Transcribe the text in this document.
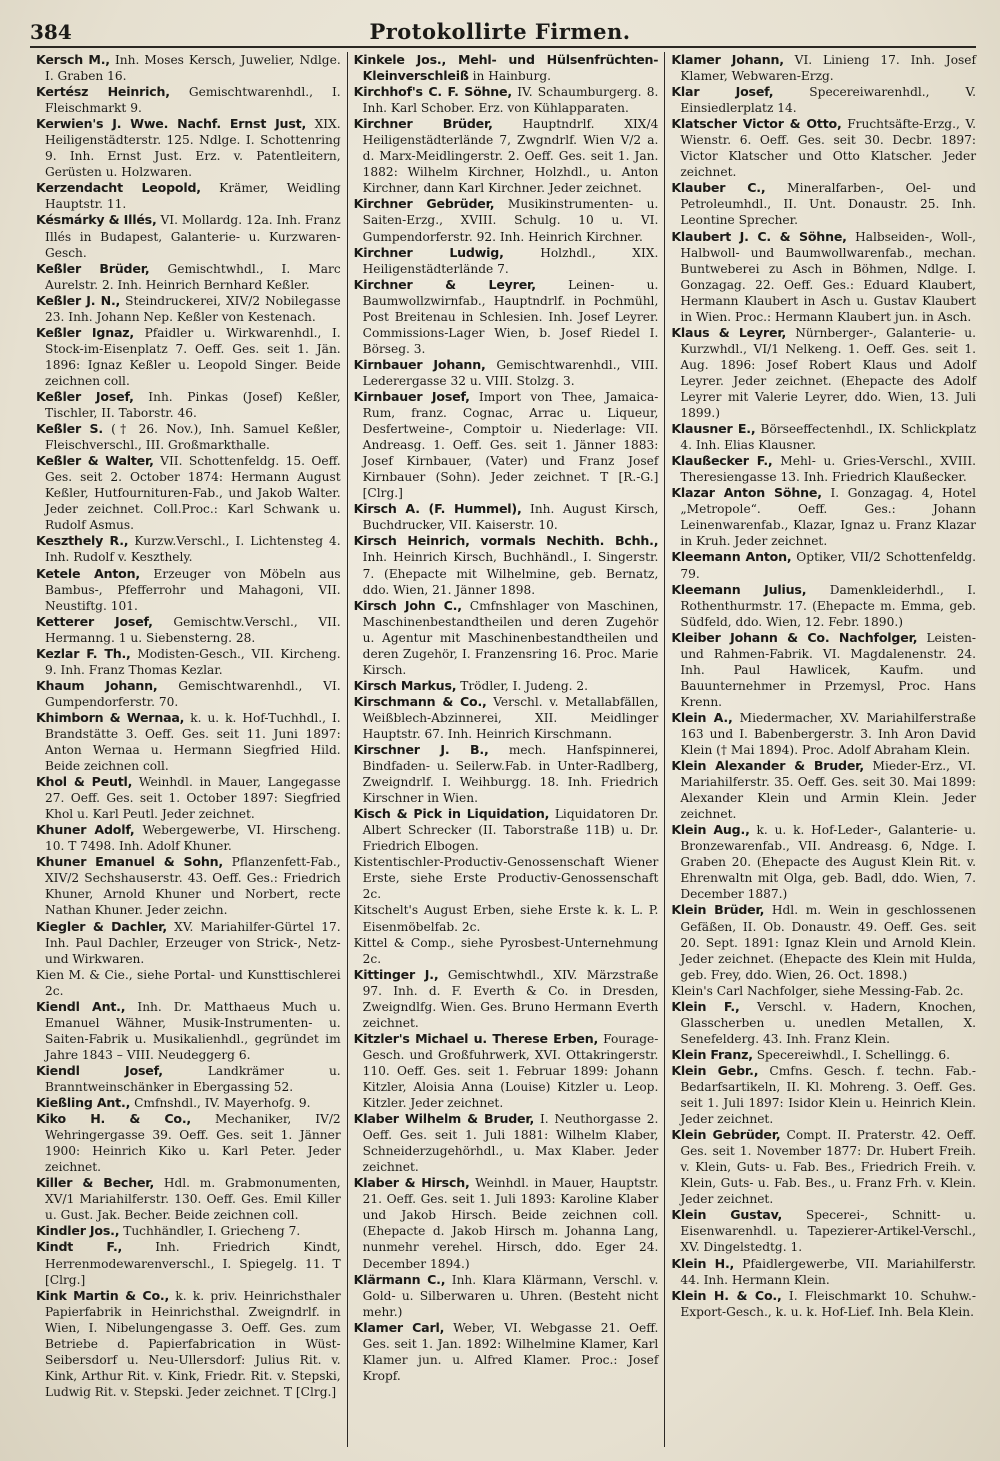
384	Protokollirte Firmen.

Kersch M., Inh. Moses Kersch, Juwelier, Ndlge. I. Graben 16.

Kertész Heinrich, Gemischtwarenhdl., I. Fleischmarkt 9.

Kerwien's J. Wwe. Nachf. Ernst Just, XIX. Heiligenstädterstr. 125. Ndlge. I. Schottenring 9. Inh. Ernst Just. Erz. v. Patentleitern, Gerüsten u. Holzwaren.

Kerzendacht Leopold, Krämer, Weidling Hauptstr. 11.

Késmárky & Illés, VI. Mollardg. 12a. Inh. Franz Illés in Budapest, Galanterie- u. Kurzwaren-Gesch.

Keßler Brüder, Gemischtwhdl., I. Marc Aurelstr. 2. Inh. Heinrich Bernhard Keßler.

Keßler J. N., Steindruckerei, XIV/2 Nobilegasse 23. Inh. Johann Nep. Keßler von Kestenach.

Keßler Ignaz, Pfaidler u. Wirkwarenhdl., I. Stock-im-Eisenplatz 7. Oeff. Ges. seit 1. Jän. 1896: Ignaz Keßler u. Leopold Singer. Beide zeichnen coll.

Keßler Josef, Inh. Pinkas (Josef) Keßler, Tischler, II. Taborstr. 46.

Keßler S. († 26. Nov.), Inh. Samuel Keßler, Fleischverschl., III. Großmarkthalle.

Keßler & Walter, VII. Schottenfeldg. 15. Oeff. Ges. seit 2. October 1874: Hermann August Keßler, Hutfournituren-Fab., und Jakob Walter. Jeder zeichnet. Coll.Proc.: Karl Schwank u. Rudolf Asmus.

Keszthely R., Kurzw.Verschl., I. Lichtensteg 4. Inh. Rudolf v. Keszthely.

Ketele Anton, Erzeuger von Möbeln aus Bambus-, Pfefferrohr und Mahagoni, VII. Neustiftg. 101.

Ketterer Josef, Gemischtw.Verschl., VII. Hermanng. 1 u. Siebensterng. 28.

Kezlar F. Th., Modisten-Gesch., VII. Kircheng. 9. Inh. Franz Thomas Kezlar.

Khaum Johann, Gemischtwarenhdl., VI. Gumpendorferstr. 70.

Khimborn & Wernaa, k. u. k. Hof-Tuchhdl., I. Brandstätte 3. Oeff. Ges. seit 11. Juni 1897: Anton Wernaa u. Hermann Siegfried Hild. Beide zeichnen coll.

Khol & Peutl, Weinhdl. in Mauer, Langegasse 27. Oeff. Ges. seit 1. October 1897: Siegfried Khol u. Karl Peutl. Jeder zeichnet.

Khuner Adolf, Webergewerbe, VI. Hirscheng. 10. T 7498. Inh. Adolf Khuner.

Khuner Emanuel & Sohn, Pflanzenfett-Fab., XIV/2 Sechshauserstr. 43. Oeff. Ges.: Friedrich Khuner, Arnold Khuner und Norbert, recte Nathan Khuner. Jeder zeichn.

Kiegler & Dachler, XV. Mariahilfer-Gürtel 17. Inh. Paul Dachler, Erzeuger von Strick-, Netz- und Wirkwaren.

Kien M. & Cie., siehe Portal- und Kunsttischlerei 2c.

Kiendl Ant., Inh. Dr. Matthaeus Much u. Emanuel Wähner, Musik-Instrumenten- u. Saiten-Fabrik u. Musikalienhdl., gegründet im Jahre 1843 – VIII. Neudeggerg 6.

Kiendl Josef,	Landkrämer u. Branntweinschänker in Ebergassing 52.

Kießling Ant., Cmfnshdl., IV. Mayerhofg. 9.

Kiko H. & Co., Mechaniker, IV/2 Wehringergasse 39. Oeff. Ges. seit 1. Jänner 1900: Heinrich Kiko u. Karl Peter. Jeder zeichnet.

Killer & Becher, Hdl. m. Grabmonumenten, XV/1 Mariahilferstr. 130. Oeff. Ges. Emil Killer u. Gust. Jak. Becher. Beide zeichnen coll.

Kindler Jos., Tuchhändler, I. Griecheng 7.

Kindt F.,	Inh. Friedrich Kindt, Herrenmodewarenverschl., I. Spiegelg. 11. T [Clrg.]

Kink Martin & Co., k. k. priv. Heinrichsthaler Papierfabrik in Heinrichsthal. Zweigndrlf. in Wien, I. Nibelungengasse 3. Oeff. Ges. zum Betriebe d. Papierfabrication in Wüst-Seibersdorf u. Neu-Ullersdorf: Julius Rit. v. Kink, Arthur Rit. v. Kink, Friedr. Rit. v. Stepski, Ludwig Rit. v. Stepski. Jeder zeichnet. T [Clrg.]

Kinkele Jos., Mehl- und Hülsenfrüchten-Kleinverschleiß in Hainburg.

Kirchhof's C. F. Söhne, IV. Schaumburgerg. 8. Inh. Karl Schober. Erz. von Kühlapparaten.

Kirchner Brüder, Hauptndrlf. XIX/4 Heiligenstädterlände 7, Zwgndrlf. Wien V/2 a. d. Marx-Meidlingerstr. 2. Oeff. Ges. seit 1. Jan. 1882: Wilhelm Kirchner, Holzhdl., u. Anton Kirchner, dann Karl Kirchner. Jeder zeichnet.

Kirchner Gebrüder, Musikinstrumenten- u. Saiten-Erzg., XVIII. Schulg. 10 u. VI. Gumpendorferstr. 92. Inh. Heinrich Kirchner.

Kirchner Ludwig,	Holzhdl., XIX. Heiligenstädterlände 7.

Kirchner & Leyrer,	Leinen- u. Baumwollzwirnfab., Hauptndrlf. in Pochmühl, Post Breitenau in Schlesien. Inh. Josef Leyrer. Commissions-Lager Wien, b. Josef Riedel I. Börseg. 3.

Kirnbauer Johann, Gemischtwarenhdl., VIII. Lederergasse 32 u. VIII. Stolzg. 3.

Kirnbauer Josef, Import von Thee, Jamaica-Rum, franz. Cognac, Arrac u. Liqueur, Desfertweine-, Comptoir u. Niederlage: VII. Andreasg. 1. Oeff. Ges. seit 1. Jänner 1883: Josef Kirnbauer, (Vater) und Franz Josef Kirnbauer (Sohn). Jeder zeichnet. T [R.-G.] [Clrg.]

Kirsch A. (F. Hummel), Inh. August Kirsch, Buchdrucker, VII. Kaiserstr. 10.

Kirsch Heinrich, vormals Nechith. Bchh., Inh. Heinrich Kirsch, Buchhändl., I. Singerstr. 7. (Ehepacte mit Wilhelmine, geb. Bernatz, ddo. Wien, 21. Jänner 1898.

Kirsch John C., Cmfnshlager von Maschinen, Maschinenbestandtheilen und deren Zugehör u. Agentur mit Maschinenbestandtheilen und deren Zugehör, I. Franzensring 16. Proc. Marie Kirsch.

Kirsch Markus, Trödler, I. Judeng. 2.

Kirschmann & Co., Verschl. v. Metallabfällen, Weißblech-Abzinnerei, XII. Meidlinger Hauptstr. 67. Inh. Heinrich Kirschmann.

Kirschner J. B., mech. Hanfspinnerei, Bindfaden- u. Seilerw.Fab. in Unter-Radlberg, Zweigndrlf. I. Weihburgg. 18. Inh. Friedrich Kirschner in Wien.

Kisch & Pick in Liquidation, Liquidatoren Dr. Albert Schrecker (II. Taborstraße 11B) u. Dr. Friedrich Elbogen.

Kistentischler-Productiv-Genossenschaft Wiener Erste, siehe Erste Productiv-Genossenschaft 2c.

Kitschelt's August Erben, siehe Erste k. k. L. P. Eisenmöbelfab. 2c.

Kittel & Comp., siehe Pyrosbest-Unternehmung 2c.

Kittinger J., Gemischtwhdl., XIV. Märzstraße 97. Inh. d. F. Everth & Co. in Dresden, Zweigndlfg. Wien. Ges. Bruno Hermann Everth zeichnet.

Kitzler's Michael u. Therese Erben, Fourage-Gesch. und Großfuhrwerk, XVI. Ottakringerstr. 110. Oeff. Ges. seit 1. Februar 1899: Johann Kitzler, Aloisia Anna (Louise) Kitzler u. Leop. Kitzler. Jeder zeichnet.

Klaber Wilhelm & Bruder, I. Neuthorgasse 2. Oeff. Ges. seit 1. Juli 1881: Wilhelm Klaber, Schneiderzugehörhdl., u. Max Klaber. Jeder zeichnet.

Klaber & Hirsch, Weinhdl. in Mauer, Hauptstr. 21. Oeff. Ges. seit 1. Juli 1893: Karoline Klaber und Jakob Hirsch. Beide zeichnen coll. (Ehepacte d. Jakob Hirsch m. Johanna Lang, nunmehr verehel. Hirsch, ddo. Eger 24. December 1894.)

Klärmann C., Inh. Klara Klärmann, Verschl. v. Gold- u. Silberwaren u. Uhren. (Besteht nicht mehr.)

Klamer Carl, Weber, VI. Webgasse 21. Oeff. Ges. seit 1. Jan. 1892: Wilhelmine Klamer, Karl Klamer jun. u. Alfred Klamer. Proc.: Josef Kropf.

Klamer Johann, VI. Linieng 17. Inh. Josef Klamer, Webwaren-Erzg.

Klar Josef,	Specereiwarenhdl., V. Einsiedlerplatz 14.

Klatscher Victor & Otto, Fruchtsäfte-Erzg., V. Wienstr. 6. Oeff. Ges. seit 30. Decbr. 1897: Victor Klatscher und Otto Klatscher. Jeder zeichnet.

Klauber C., Mineralfarben-, Oel- und Petroleumhdl., II. Unt. Donaustr. 25. Inh. Leontine Sprecher.

Klaubert J. C. & Söhne, Halbseiden-, Woll-, Halbwoll- und Baumwollwarenfab., mechan. Buntweberei zu Asch in Böhmen, Ndlge. I. Gonzagag. 22. Oeff. Ges.: Eduard Klaubert, Hermann Klaubert in Asch u. Gustav Klaubert in Wien. Proc.: Hermann Klaubert jun. in Asch.

Klaus & Leyrer, Nürnberger-, Galanterie- u. Kurzwhdl., VI/1 Nelkeng. 1. Oeff. Ges. seit 1. Aug. 1896: Josef Robert Klaus und Adolf Leyrer. Jeder zeichnet. (Ehepacte des Adolf Leyrer mit Valerie Leyrer, ddo. Wien, 13. Juli 1899.)

Klausner E., Börseeffectenhdl., IX. Schlickplatz 4. Inh. Elias Klausner.

Klaußecker F., Mehl- u. Gries-Verschl., XVIII. Theresiengasse 13. Inh. Friedrich Klaußecker.

Klazar Anton Söhne, I. Gonzagag. 4, Hotel „Metropole“. Oeff. Ges.: Johann Leinenwarenfab., Klazar, Ignaz u. Franz Klazar in Kruh. Jeder zeichnet.

Kleemann Anton, Optiker, VII/2 Schottenfeldg. 79.

Kleemann Julius, Damenkleiderhdl., I. Rothenthurmstr. 17. (Ehepacte m. Emma, geb. Südfeld, ddo. Wien, 12. Febr. 1890.)

Kleiber Johann & Co. Nachfolger, Leisten- und Rahmen-Fabrik. VI. Magdalenenstr. 24. Inh. Paul Hawlicek, Kaufm. und Bauunternehmer in Przemysl, Proc. Hans Krenn.

Klein A., Miedermacher, XV. Mariahilferstraße 163 und I. Babenbergerstr. 3. Inh Aron David Klein († Mai 1894). Proc. Adolf Abraham Klein.

Klein Alexander & Bruder, Mieder-Erz., VI. Mariahilferstr. 35. Oeff. Ges. seit 30. Mai 1899: Alexander Klein und Armin Klein. Jeder zeichnet.

Klein Aug., k. u. k. Hof-Leder-, Galanterie- u. Bronzewarenfab., VII. Andreasg. 6, Ndge. I. Graben 20. (Ehepacte des August Klein Rit. v. Ehrenwaltn mit Olga, geb. Badl, ddo. Wien, 7. December 1887.)

Klein Brüder, Hdl. m. Wein in geschlossenen Gefäßen, II. Ob. Donaustr. 49. Oeff. Ges. seit 20. Sept. 1891: Ignaz Klein und Arnold Klein. Jeder zeichnet. (Ehepacte des Klein mit Hulda, geb. Frey, ddo. Wien, 26. Oct. 1898.)

Klein's Carl Nachfolger, siehe Messing-Fab. 2c.

Klein F., Verschl. v. Hadern, Knochen, Glasscherben u. unedlen Metallen, X. Senefelderg. 43. Inh. Franz Klein.

Klein Franz, Specereiwhdl., I. Schellingg. 6.

Klein Gebr., Cmfns. Gesch. f. techn. Fab.-Bedarfsartikeln, II. Kl. Mohreng. 3. Oeff. Ges. seit 1. Juli 1897: Isidor Klein u. Heinrich Klein. Jeder zeichnet.

Klein Gebrüder, Compt. II. Praterstr. 42. Oeff. Ges. seit 1. November 1877: Dr. Hubert Freih. v. Klein, Guts- u. Fab. Bes., Friedrich Freih. v. Klein, Guts- u. Fab. Bes., u. Franz Frh. v. Klein. Jeder zeichnet.

Klein Gustav, Specerei-, Schnitt- u. Eisenwarenhdl. u. Tapezierer-Artikel-Verschl., XV. Dingelstedtg. 1.

Klein H., Pfaidlergewerbe, VII. Mariahilferstr. 44. Inh. Hermann Klein.

Klein H. & Co., I. Fleischmarkt 10. Schuhw.-Export-Gesch., k. u. k. Hof-Lief. Inh. Bela Klein.
